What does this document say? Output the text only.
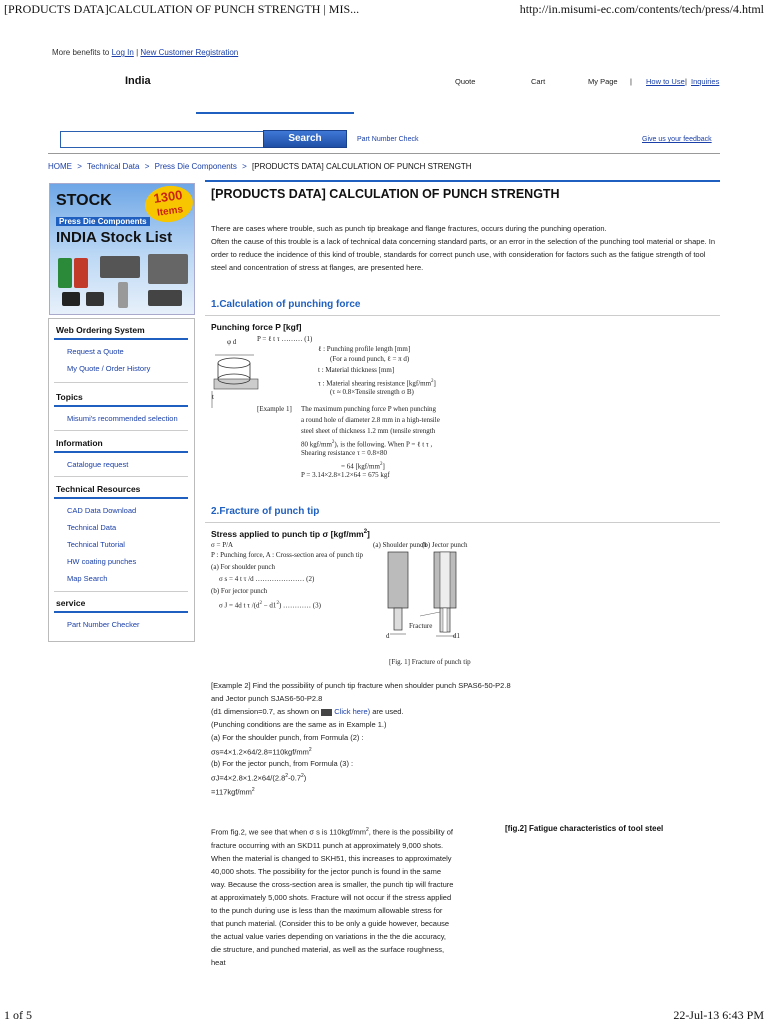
[PRODUCTS DATA]CALCULATION OF PUNCH STRENGTH | MIS...	http://in.misumi-ec.com/contents/tech/press/4.html
More benefits to Log In | New Customer Registration
India	Quote	Cart	My Page | How to Use | Inquiries
Search	Part Number Check	Give us your feedback
HOME > Technical Data > Press Die Components > [PRODUCTS DATA] CALCULATION OF PUNCH STRENGTH
STOCK	1300
Items
Press Die Components
INDIA Stock List
Web Ordering System
Request a Quote
My Quote / Order History
Topics
Misumi's recommended selection
Information
Catalogue request
Technical Resources
CAD Data Download
Technical Data
Technical Tutorial
HW coating punches
Map Search
service
Part Number Checker
[PRODUCTS DATA] CALCULATION OF PUNCH STRENGTH
There are cases where trouble, such as punch tip breakage and flange fractures, occurs during the punching operation.
Often the cause of this trouble is a lack of technical data concerning standard parts, or an error in the selection of the punching tool material or shape. In order to reduce the incidence of this kind of trouble, standards for correct punch use, with consideration for factors such as the fatigue strength of tool steel and concentration of stress at flanges, are presented here.
1.Calculation of punching force
Punching force P [kgf]
φ d
t
P = ℓ t τ ……… (1)
ℓ : Punching profile length [mm]
(For a round punch, ℓ = π d)
t : Material thickness [mm]
τ : Material shearing resistance $[kgf/mm^2]$
(τ ≈ 0.8×Tensile strength σ B)
[Example 1] The maximum punching force P when punching
a round hole of diameter 2.8 mm in a high-tensile
steel sheet of thickness 1.2 mm (tensile strength
80 kgf/$mm^2$), is the following. When P = ℓ t τ ,
Shearing resistance τ = 0.8×80
= 64 $[kgf/mm^2]$
P = 3.14×2.8×1.2×64 = 675 kgf
2.Fracture of punch tip
Stress applied to punch tip σ $[kgf/mm^2]$
σ = P/A
P : Punching force, A : Cross-section area of punch tip
(a) For shoulder punch
σ s = 4 t τ /d ………………… (2)
(b) For jector punch
σ J = 4d t τ $/(d^2 - d1^2)$ ………… (3)
(a) Shoulder punch
(b) Jector punch
Fracture
d	d1
[Fig. 1] Fracture of punch tip
[Example 2] Find the possibility of punch tip fracture when shoulder punch SPAS6-50-P2.8
and Jector punch SJAS6-50-P2.8
(d1 dimension=0.7, as shown on Click here) are used.
(Punching conditions are the same as in Example 1.)
(a) For the shoulder punch, from Formula (2) :
$\sigma s=4\times 1.2\times 64/2.8=110kgf/mm^2$
(b) For the jector punch, from Formula (3) :
$\sigma J=4\times 2.8\times 1.2\times 64/(2.8^2-0.7^2)$
$=117kgf/mm^2$
From fig.2, we see that when σ s is $110kgf/mm^2$, there is the possibility of fracture occurring with an SKD11 punch at approximately 9,000 shots. When the material is changed to SKH51, this increases to approximately 40,000 shots. The possibility for the jector punch is found in the same way. Because the cross-section area is smaller, the punch tip will fracture at approximately 5,000 shots. Fracture will not occur if the stress applied to the punch during use is less than the maximum allowable stress for that punch material. (Consider this to be only a guide however, because the actual value varies depending on variations in the the die accuracy, die structure, and punched material, as well as the surface roughness, heat
[fig.2] Fatigue characteristics of tool steel
1 of 5	22-Jul-13 6:43 PM
